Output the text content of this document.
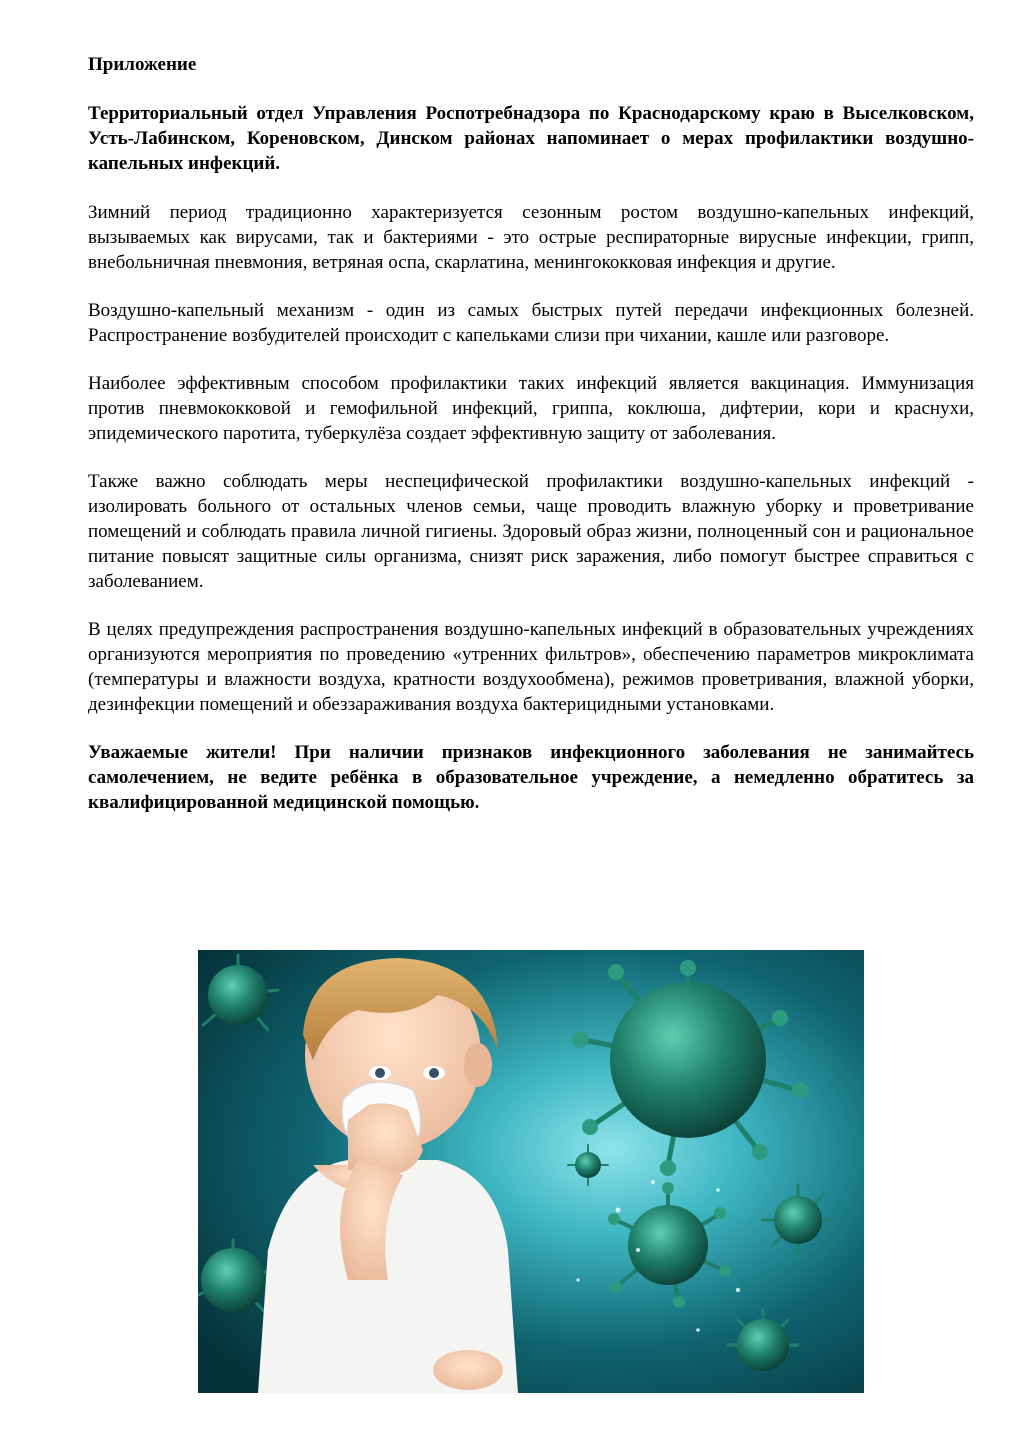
Приложение
Территориальный отдел Управления Роспотребнадзора по Краснодарскому краю в Выселковском, Усть-Лабинском, Кореновском, Динском районах напоминает о мерах профилактики воздушно-капельных инфекций.

Зимний период традиционно характеризуется сезонным ростом воздушно-капельных инфекций, вызываемых как вирусами, так и бактериями - это острые респираторные вирусные инфекции, грипп, внебольничная пневмония, ветряная оспа, скарлатина, менингококковая инфекция и другие.

Воздушно-капельный механизм - один из самых быстрых путей передачи инфекционных болезней. Распространение возбудителей происходит с капельками слизи при чихании, кашле или разговоре.

Наиболее эффективным способом профилактики таких инфекций является вакцинация. Иммунизация против пневмококковой и гемофильной инфекций, гриппа, коклюша, дифтерии, кори и краснухи, эпидемического паротита, туберкулёза создает эффективную защиту от заболевания.

Также важно соблюдать меры неспецифической профилактики воздушно-капельных инфекций - изолировать больного от остальных членов семьи, чаще проводить влажную уборку и проветривание помещений и соблюдать правила личной гигиены. Здоровый образ жизни, полноценный сон и рациональное питание повысят защитные силы организма, снизят риск заражения, либо помогут быстрее справиться с заболеванием.

В целях предупреждения распространения воздушно-капельных инфекций в образовательных учреждениях организуются мероприятия по проведению «утренних фильтров», обеспечению параметров микроклимата (температуры и влажности воздуха, кратности воздухообмена), режимов проветривания, влажной уборки, дезинфекции помещений и обеззараживания воздуха бактерицидными установками.

Уважаемые жители! При наличии признаков инфекционного заболевания не занимайтесь самолечением, не ведите ребёнка в образовательное учреждение, а немедленно обратитесь за квалифицированной медицинской помощью.
